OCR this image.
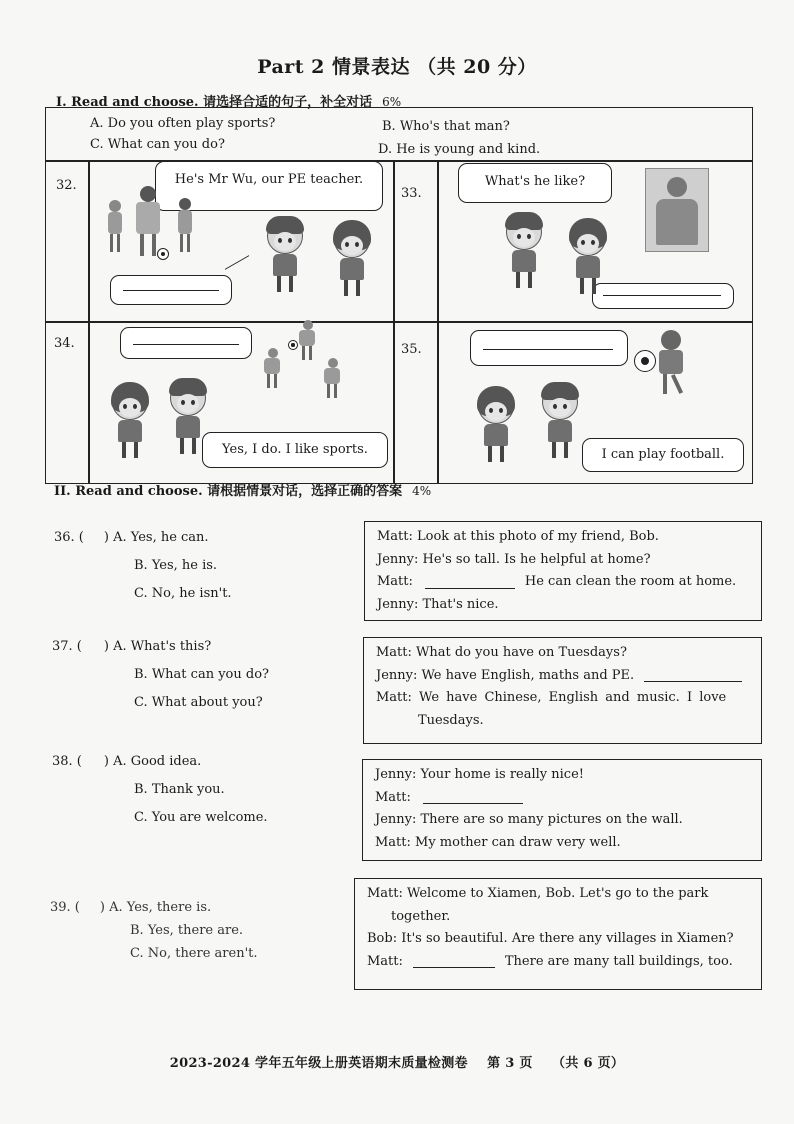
Part 2 情景表达 （共 20 分）
I. Read and choose. 请选择合适的句子，补全对话 6%
A. Do you often play sports?	B. Who's that man?
C. What can you do?	D. He is young and kind.
32.	He's Mr Wu, our PE teacher.
33.
What's he like?
34.
Yes, I do. I like sports.
35.
I can play football.
II. Read and choose. 请根据情景对话，选择正确的答案 4%
36. ( ) A. Yes, he can.
B. Yes, he is.
C. No, he isn't.
Matt: Look at this photo of my friend, Bob.
Jenny: He's so tall. Is he helpful at home?
Matt:	He can clean the room at home.
Jenny: That's nice.
37. ( ) A. What's this?
B. What can you do?
C. What about you?
Matt: What do you have on Tuesdays?
Jenny: We have English, maths and PE.
Matt: We have Chinese, English and music. I love
Tuesdays.
38. ( ) A. Good idea.
B. Thank you.
C. You are welcome.
Jenny: Your home is really nice!
Matt:
Jenny: There are so many pictures on the wall.
Matt: My mother can draw very well.
39. ( ) A. Yes, there is.
B. Yes, there are.
C. No, there aren't.
Matt: Welcome to Xiamen, Bob. Let's go to the park
together.
Bob: It's so beautiful. Are there any villages in Xiamen?
Matt:	There are many tall buildings, too.
2023-2024 学年五年级上册英语期末质量检测卷    第 3 页    （共 6 页）
